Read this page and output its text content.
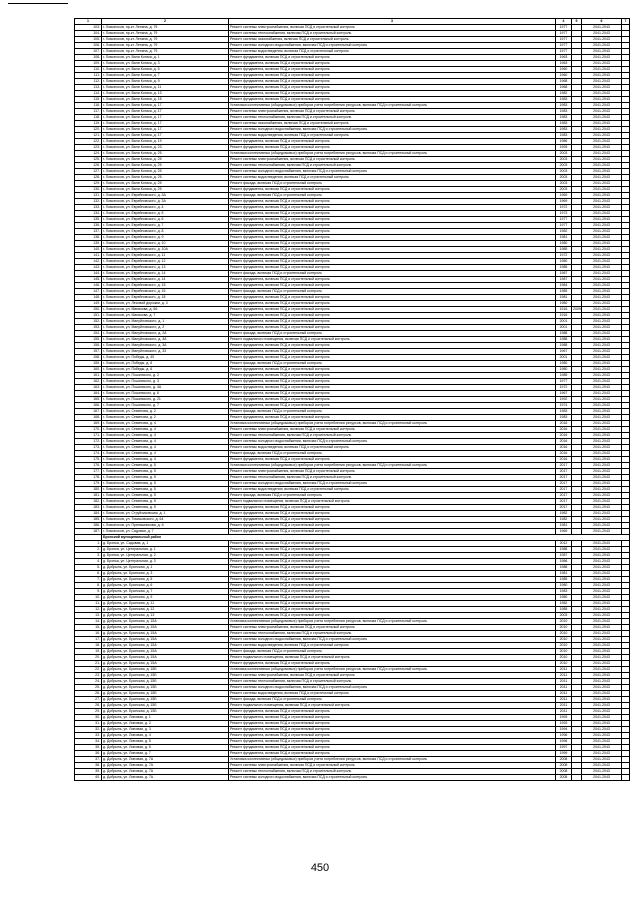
1	2	3	4	5	6	7
103.	г. Ломоносов, пр-кт. Ленина, д. 79	Ремонт системы электроснабжения, включая ПСД и строительный контроль	1977		2041-2043	
104.	г. Ломоносов, пр-кт. Ленина, д. 79	Ремонт системы теплоснабжения, включая ПСД и строительный контроль	1977		2041-2043	
105.	г. Ломоносов, пр-кт. Ленина, д. 79	Ремонт системы газоснабжения, включая ПСД и строительный контроль	1977		2041-2043	
106.	г. Ломоносов, пр-кт. Ленина, д. 79	Ремонт системы холодного водоснабжения, включая ПСД и строительный контроль	1977		2041-2043	
107.	г. Ломоносов, пр-кт. Ленина, д. 79	Ремонт системы водоотведения, включая ПСД и строительный контроль	1977		2041-2043	
108.	г. Ломоносов, ул. Вали Котика, д. 1	Ремонт фундамента, включая ПСД и строительный контроль	1963		2041-2043	
109.	г. Ломоносов, ул. Вали Котика, д. 3	Ремонт фундамента, включая ПСД и строительный контроль	1963		2041-2043	
110.	г. Ломоносов, ул. Вали Котика, д. 5	Ремонт фундамента, включая ПСД и строительный контроль	1960		2041-2043	
111.	г. Ломоносов, ул. Вали Котика, д. 7	Ремонт фундамента, включая ПСД и строительный контроль	1960		2041-2043	
112.	г. Ломоносов, ул. Вали Котика, д. 9	Ремонт фундамента, включая ПСД и строительный контроль	1968		2041-2043	
113.	г. Ломоносов, ул. Вали Котика, д. 11	Ремонт фундамента, включая ПСД и строительный контроль	1968		2041-2043	
114.	г. Ломоносов, ул. Вали Котика, д. 13	Ремонт фундамента, включая ПСД и строительный контроль	1982		2041-2043	
115.	г. Ломоносов, ул. Вали Котика, д. 15	Ремонт фундамента, включая ПСД и строительный контроль	1983		2041-2043	
116.	г. Ломоносов, ул. Вали Котика, д. 17	Установка коллективных (общедомовых) приборов учета потребления ресурсов, включая ПСД и строительный контроль	1983		2041-2043	
117.	г. Ломоносов, ул. Вали Котика, д. 17	Ремонт системы электроснабжения, включая ПСД и строительный контроль	1983		2041-2043	
118.	г. Ломоносов, ул. Вали Котика, д. 17	Ремонт системы теплоснабжения, включая ПСД и строительный контроль	1983		2041-2043	
119.	г. Ломоносов, ул. Вали Котика, д. 17	Ремонт системы газоснабжения, включая ПСД и строительный контроль	1983		2041-2043	
120.	г. Ломоносов, ул. Вали Котика, д. 17	Ремонт системы холодного водоснабжения, включая ПСД и строительный контроль	1983		2041-2043	
121.	г. Ломоносов, ул. Вали Котика, д. 17	Ремонт системы водоотведения, включая ПСД и строительный контроль	1983		2041-2043	
122.	г. Ломоносов, ул. Вали Котика, д. 19	Ремонт фундамента, включая ПСД и строительный контроль	1986		2041-2043	
123.	г. Ломоносов, ул. Вали Котика, д. 23	Ремонт фундамента, включая ПСД и строительный контроль	1993		2041-2043	
124.	г. Ломоносов, ул. Вали Котика, д. 25	Установка коллективных (общедомовых) приборов учета потребления ресурсов, включая ПСД и строительный контроль	2003		2041-2043	
125.	г. Ломоносов, ул. Вали Котика, д. 25	Ремонт системы электроснабжения, включая ПСД и строительный контроль	2003		2041-2043	
126.	г. Ломоносов, ул. Вали Котика, д. 25	Ремонт системы теплоснабжения, включая ПСД и строительный контроль	2003		2041-2043	
127.	г. Ломоносов, ул. Вали Котика, д. 25	Ремонт системы холодного водоснабжения, включая ПСД и строительный контроль	2003		2041-2043	
128.	г. Ломоносов, ул. Вали Котика, д. 25	Ремонт системы водоотведения, включая ПСД и строительный контроль	2003		2041-2043	
129.	г. Ломоносов, ул. Вали Котика, д. 25	Ремонт фасада, включая ПСД и строительный контроль	2003		2041-2043	
130.	г. Ломоносов, ул. Вали Котика, д. 25	Ремонт фундамента, включая ПСД и строительный контроль	2003		2041-2043	
131.	г. Ломоносов, ул. Еврейновского, д. 3А	Ремонт фасада, включая ПСД и строительный контроль	1969		2041-2043	
132.	г. Ломоносов, ул. Еврейновского, д. 3А	Ремонт фундамента, включая ПСД и строительный контроль	1969		2041-2043	
133.	г. Ломоносов, ул. Еврейновского, д. 4	Ремонт фундамента, включая ПСД и строительный контроль	1972		2041-2043	
134.	г. Ломоносов, ул. Еврейновского, д. 5	Ремонт фундамента, включая ПСД и строительный контроль	1973		2041-2043	
135.	г. Ломоносов, ул. Еврейновского, д. 6	Ремонт фундамента, включая ПСД и строительный контроль	1977		2041-2043	
136.	г. Ломоносов, ул. Еврейновского, д. 7	Ремонт фундамента, включая ПСД и строительный контроль	1977		2041-2043	
137.	г. Ломоносов, ул. Еврейновского, д. 8	Ремонт фундамента, включая ПСД и строительный контроль	1982		2041-2043	
138.	г. Ломоносов, ул. Еврейновского, д. 9	Ремонт фундамента, включая ПСД и строительный контроль	1981		2041-2043	
139.	г. Ломоносов, ул. Еврейновского, д. 10	Ремонт фундамента, включая ПСД и строительный контроль	1980		2041-2043	
140.	г. Ломоносов, ул. Еврейновского, д. 10А	Ремонт фундамента, включая ПСД и строительный контроль	1985		2041-2043	
141.	г. Ломоносов, ул. Еврейновского, д. 11	Ремонт фундамента, включая ПСД и строительный контроль	1972		2041-2043	
142.	г. Ломоносов, ул. Еврейновского, д. 12	Ремонт фундамента, включая ПСД и строительный контроль	1980		2041-2043	
143.	г. Ломоносов, ул. Еврейновского, д. 13	Ремонт фундамента, включая ПСД и строительный контроль	1985		2041-2043	
144.	г. Ломоносов, ул. Еврейновского, д. 14	Ремонт фасада, включая ПСД и строительный контроль	1987		2041-2043	
145.	г. Ломоносов, ул. Еврейновского, д. 14	Ремонт фундамента, включая ПСД и строительный контроль	1987		2041-2043	
146.	г. Ломоносов, ул. Еврейновского, д. 15	Ремонт фундамента, включая ПСД и строительный контроль	1984		2041-2043	
147.	г. Ломоносов, ул. Еврейновского, д. 16	Ремонт фасада, включая ПСД и строительный контроль	1985		2041-2043	
148.	г. Ломоносов, ул. Еврейновского, д. 18	Ремонт фундамента, включая ПСД и строительный контроль	1981		2041-2043	
149.	г. Ломоносов, ул. Лесовой дорожки, д. 4	Ремонт фундамента, включая ПСД и строительный контроль	1980		2041-2043	
150.	г. Ломоносов, ул. Манякова, д. 66	Ремонт фундамента, включая ПСД и строительный контроль	1916	2009	2041-2043	
151.	г. Ломоносов, ул. Манякова, д. 7	Ремонт фундамента, включая ПСД и строительный контроль	1916		2041-2043	
152.	г. Ломоносов, ул. Мануйловского, д. 1	Ремонт фундамента, включая ПСД и строительный контроль	2001		2041-2043	
153.	г. Ломоносов, ул. Мануйловского, д. 2	Ремонт фундамента, включая ПСД и строительный контроль	2001		2041-2043	
154.	г. Ломоносов, ул. Мануйловского, д. 2А	Ремонт фасада, включая ПСД и строительный контроль	1988		2041-2043	
155.	г. Ломоносов, ул. Мануйловского, д. 3А	Ремонт подвального помещения, включая ПСД и строительный контроль	1988		2041-2043	
156.	г. Ломоносов, ул. Мануйловского, д. 3А	Ремонт фундамента, включая ПСД и строительный контроль	1988		2041-2043	
157.	г. Ломоносов, ул. Мануйловского, д. 33	Ремонт фундамента, включая ПСД и строительный контроль	1967		2041-2043	
158.	г. Ломоносов, ул. Победы, д. 40	Ремонт фундамента, включая ПСД и строительный контроль	2001		2041-2043	
159.	г. Ломоносов, ул. Победы, д. 6	Ремонт фасада, включая ПСД и строительный контроль	1980		2041-2043	
160.	г. Ломоносов, ул. Победы, д. 6	Ремонт фундамента, включая ПСД и строительный контроль	1980		2041-2043	
161.	г. Ломоносов, ул. Пошинского, д. 2	Ремонт фундамента, включая ПСД и строительный контроль	1985		2041-2043	
162.	г. Ломоносов, ул. Пошинского, д. 3	Ремонт фундамента, включая ПСД и строительный контроль	1977		2041-2043	
163.	г. Ломоносов, ул. Пошинского, д. 4А	Ремонт фундамента, включая ПСД и строительный контроль	1972		2041-2043	
164.	г. Ломоносов, ул. Пошинского, д. 6	Ремонт фундамента, включая ПСД и строительный контроль	1967		2041-2043	
165.	г. Ломоносов, ул. Пошинского, д. 21	Ремонт фундамента, включая ПСД и строительный контроль	1992		2041-2043	
166.	г. Ломоносов, ул. Пошинского, д. 7	Ремонт фундамента, включая ПСД и строительный контроль	1974		2041-2043	
167.	г. Ломоносов, ул. Семенова, д. 2	Ремонт фасада, включая ПСД и строительный контроль	1983		2041-2043	
168.	г. Ломоносов, ул. Семенова, д. 2	Ремонт фундамента, включая ПСД и строительный контроль	1983		2041-2043	
169.	г. Ломоносов, ул. Семенова, д. 4	Установка коллективных (общедомовых) приборов учета потребления ресурсов, включая ПСД и строительный контроль	2016		2041-2043	
170.	г. Ломоносов, ул. Семенова, д. 4	Ремонт системы электроснабжения, включая ПСД и строительный контроль	2016		2041-2043	
171.	г. Ломоносов, ул. Семенова, д. 4	Ремонт системы теплоснабжения, включая ПСД и строительный контроль	2016		2041-2043	
172.	г. Ломоносов, ул. Семенова, д. 4	Ремонт системы холодного водоснабжения, включая ПСД и строительный контроль	2016		2041-2043	
173.	г. Ломоносов, ул. Семенова, д. 4	Ремонт системы водоотведения, включая ПСД и строительный контроль	2016		2041-2043	
174.	г. Ломоносов, ул. Семенова, д. 4	Ремонт фасада, включая ПСД и строительный контроль	2016		2041-2043	
175.	г. Ломоносов, ул. Семенова, д. 4	Ремонт фундамента, включая ПСД и строительный контроль	2016		2041-2043	
176.	г. Ломоносов, ул. Семенова, д. 5	Установка коллективных (общедомовых) приборов учета потребления ресурсов, включая ПСД и строительный контроль	2017		2041-2043	
177.	г. Ломоносов, ул. Семенова, д. 5	Ремонт системы электроснабжения, включая ПСД и строительный контроль	2017		2041-2043	
178.	г. Ломоносов, ул. Семенова, д. 5	Ремонт системы теплоснабжения, включая ПСД и строительный контроль	2017		2041-2043	
179.	г. Ломоносов, ул. Семенова, д. 5	Ремонт системы холодного водоснабжения, включая ПСД и строительный контроль	2017		2041-2043	
180.	г. Ломоносов, ул. Семенова, д. 5	Ремонт системы водоотведения, включая ПСД и строительный контроль	2017		2041-2043	
181.	г. Ломоносов, ул. Семенова, д. 5	Ремонт фасада, включая ПСД и строительный контроль	2017		2041-2043	
182.	г. Ломоносов, ул. Семенова, д. 5	Ремонт подвального помещения, включая ПСД и строительный контроль	2017		2041-2043	
183.	г. Ломоносов, ул. Семенова, д. 5	Ремонт фундамента, включая ПСД и строительный контроль	2017		2041-2043	
184.	г. Ломоносов, ул. Струйчиковская, д. 1	Ремонт фундамента, включая ПСД и строительный контроль	1982		2041-2043	
185.	г. Ломоносов, ул. Томасовского, д. 64	Ремонт фундамента, включая ПСД и строительный контроль	1982		2041-2043	
186.	г. Ломоносов, ул. Прянишникова, д. 6	Ремонт фундамента, включая ПСД и строительный контроль	1981		2041-2043	
187.	г. Ломоносов, ул. Садовая, д. 7	Ремонт фундамента, включая ПСД и строительный контроль	1969		2041-2043	
	Бронский муниципальный район					
1.	д. Бронка, ул. Садовая, д. 1	Ремонт фундамента, включая ПСД и строительный контроль	2012		2041-2043	
2.	д. Бронка, ул. Центральная, д. 1	Ремонт фундамента, включая ПСД и строительный контроль	1988		2041-2043	
3.	д. Бронка, ул. Центральная, д. 2	Ремонт фундамента, включая ПСД и строительный контроль	1987		2041-2043	
4.	д. Бронка, ул. Центральная, д. 3	Ремонт фундамента, включая ПСД и строительный контроль	1986		2041-2043	
5.	д. Добрынь, ул. Бронская, д. 1	Ремонт фундамента, включая ПСД и строительный контроль	1988		2041-2043	
6.	д. Добрынь, ул. Бронская, д. 3	Ремонт фундамента, включая ПСД и строительный контроль	1981		2041-2043	
7.	д. Добрынь, ул. Бронская, д. 5	Ремонт фундамента, включая ПСД и строительный контроль	1985		2041-2043	
8.	д. Добрынь, ул. Бронская, д. 6	Ремонт фундамента, включая ПСД и строительный контроль	1980		2041-2043	
9.	д. Добрынь, ул. Бронская, д. 7	Ремонт фундамента, включая ПСД и строительный контроль	1983		2041-2043	
10.	д. Добрынь, ул. Бронская, д. 9	Ремонт фундамента, включая ПСД и строительный контроль	1980		2041-2043	
11.	д. Добрынь, ул. Бронская, д. 11	Ремонт фундамента, включая ПСД и строительный контроль	1982		2041-2043	
12.	д. Добрынь, ул. Бронская, д. 12	Ремонт фундамента, включая ПСД и строительный контроль	1985		2041-2043	
13.	д. Добрынь, ул. Бронская, д. 13	Ремонт фундамента, включая ПСД и строительный контроль	2003		2041-2043	
14.	д. Добрынь, ул. Бронская, д. 15А	Установка коллективных (общедомовых) приборов учета потребления ресурсов, включая ПСД и строительный контроль	2010		2041-2043	
15.	д. Добрынь, ул. Бронская, д. 15А	Ремонт системы электроснабжения, включая ПСД и строительный контроль	2010		2041-2043	
16.	д. Добрынь, ул. Бронская, д. 15А	Ремонт системы теплоснабжения, включая ПСД и строительный контроль	2010		2041-2043	
17.	д. Добрынь, ул. Бронская, д. 15А	Ремонт системы холодного водоснабжения, включая ПСД и строительный контроль	2010		2041-2043	
18.	д. Добрынь, ул. Бронская, д. 15А	Ремонт системы водоотведения, включая ПСД и строительный контроль	2010		2041-2043	
19.	д. Добрынь, ул. Бронская, д. 15А	Ремонт фасада, включая ПСД и строительный контроль	2010		2041-2043	
20.	д. Добрынь, ул. Бронская, д. 15А	Ремонт подвального помещения, включая ПСД и строительный контроль	2010		2041-2043	
21.	д. Добрынь, ул. Бронская, д. 15А	Ремонт фундамента, включая ПСД и строительный контроль	2010		2041-2043	
22.	д. Добрынь, ул. Бронская, д. 15Б	Установка коллективных (общедомовых) приборов учета потребления ресурсов, включая ПСД и строительный контроль	2011		2041-2043	
23.	д. Добрынь, ул. Бронская, д. 15Б	Ремонт системы электроснабжения, включая ПСД и строительный контроль	2011		2041-2043	
24.	д. Добрынь, ул. Бронская, д. 15Б	Ремонт системы теплоснабжения, включая ПСД и строительный контроль	2011		2041-2043	
25.	д. Добрынь, ул. Бронская, д. 15Б	Ремонт системы холодного водоснабжения, включая ПСД и строительный контроль	2011		2041-2043	
26.	д. Добрынь, ул. Бронская, д. 15Б	Ремонт системы водоотведения, включая ПСД и строительный контроль	2011		2041-2043	
27.	д. Добрынь, ул. Бронская, д. 15Б	Ремонт фасада, включая ПСД и строительный контроль	2011		2041-2043	
28.	д. Добрынь, ул. Бронская, д. 15Б	Ремонт подвального помещения, включая ПСД и строительный контроль	2011		2041-2043	
29.	д. Добрынь, ул. Бронская, д. 15Б	Ремонт фундамента, включая ПСД и строительный контроль	2011		2041-2043	
30.	д. Добрынь, ул. Липовая, д. 1	Ремонт фундамента, включая ПСД и строительный контроль	1993		2041-2043	
31.	д. Добрынь, ул. Липовая, д. 2	Ремонт фундамента, включая ПСД и строительный контроль	1993		2041-2043	
32.	д. Добрынь, ул. Липовая, д. 3	Ремонт фундамента, включая ПСД и строительный контроль	1994		2041-2043	
33.	д. Добрынь, ул. Липовая, д. 4	Ремонт фундамента, включая ПСД и строительный контроль	1996		2041-2043	
34.	д. Добрынь, ул. Липовая, д. 5	Ремонт фундамента, включая ПСД и строительный контроль	1996		2041-2043	
35.	д. Добрынь, ул. Липовая, д. 6	Ремонт фундамента, включая ПСД и строительный контроль	1997		2041-2043	
36.	д. Добрынь, ул. Липовая, д. 7	Ремонт фундамента, включая ПСД и строительный контроль	1999		2041-2043	
37.	д. Добрынь, ул. Липовая, д. 7А	Установка коллективных (общедомовых) приборов учета потребления ресурсов, включая ПСД и строительный контроль	2008		2041-2043	
38.	д. Добрынь, ул. Липовая, д. 7А	Ремонт системы электроснабжения, включая ПСД и строительный контроль	2008		2041-2043	
39.	д. Добрынь, ул. Липовая, д. 7А	Ремонт системы теплоснабжения, включая ПСД и строительный контроль	2008		2041-2043	
40.	д. Добрынь, ул. Липовая, д. 7А	Ремонт системы холодного водоснабжения, включая ПСД и строительный контроль	2008		2041-2043	
450
